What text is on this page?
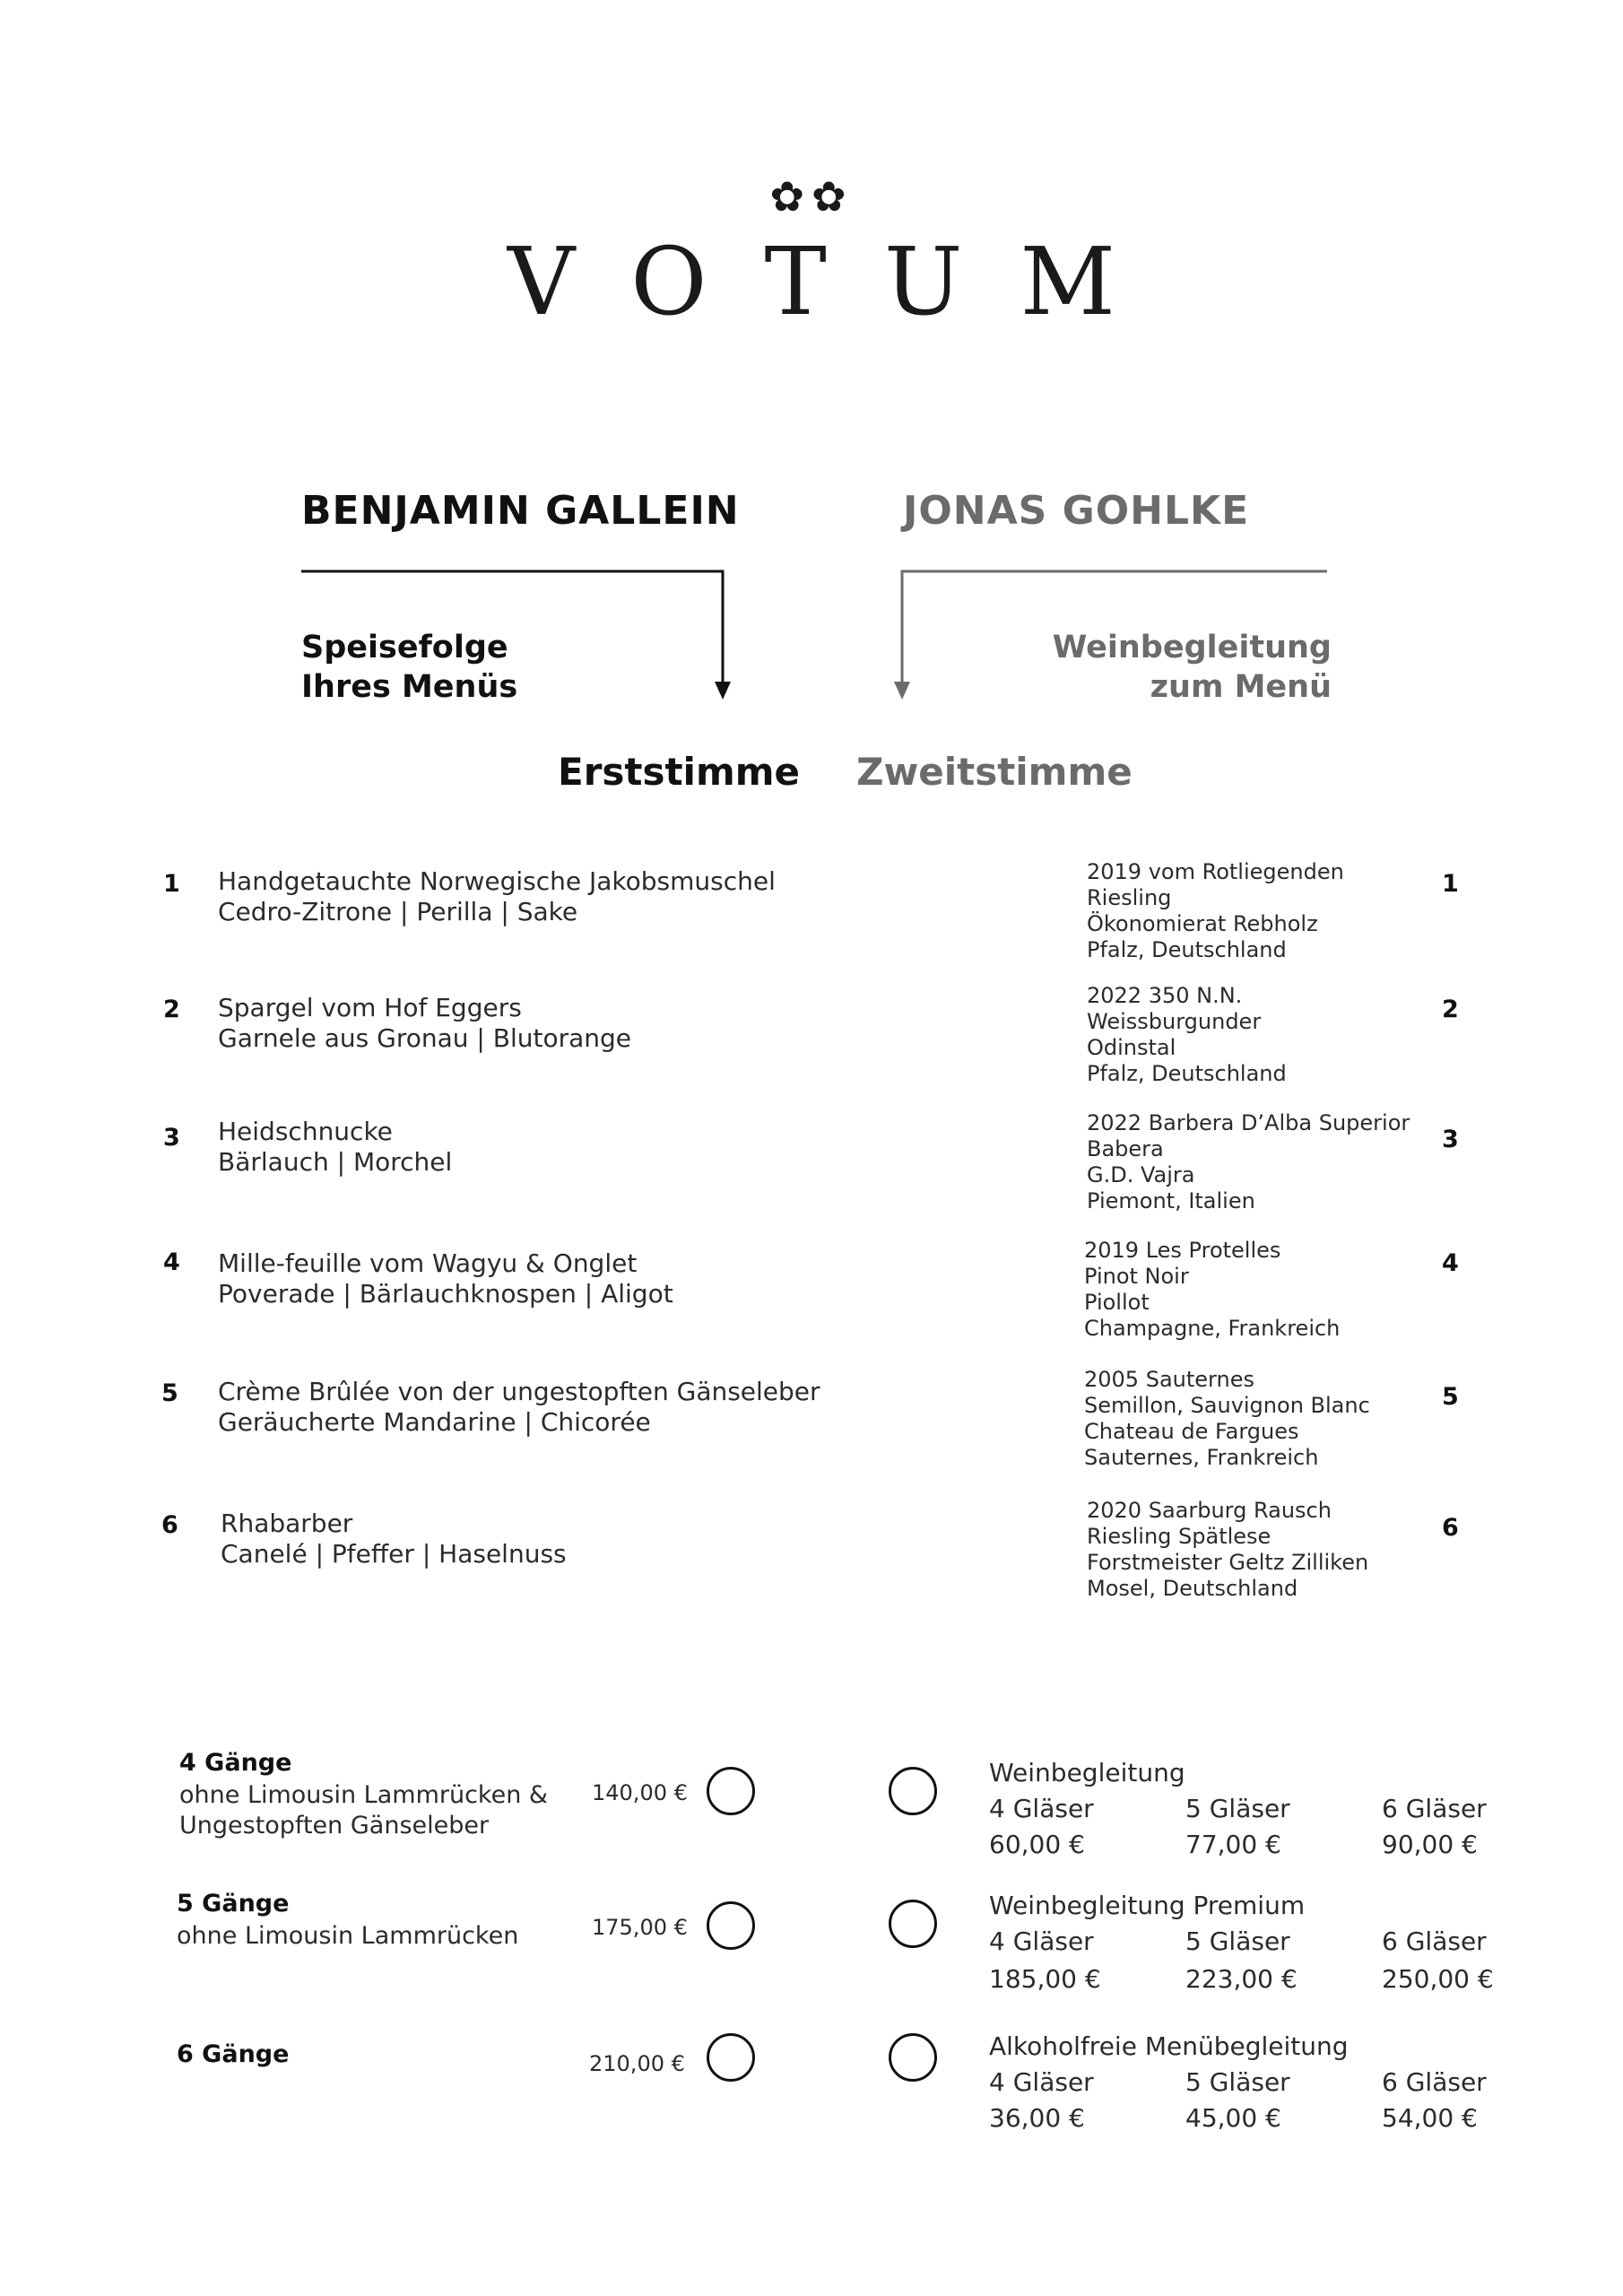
✿✿
VOTUM
BENJAMIN GALLEIN	JONAS GOHLKE
Speisefolge
Ihres Menüs
Weinbegleitung
zum Menü
Erststimme Zweitstimme
1 Handgetauchte Norwegische Jakobsmuschel
Cedro-Zitrone | Perilla | Sake
2019 vom Rotliegenden
Riesling
Ökonomierat Rebholz
Pfalz, Deutschland
1
2 Spargel vom Hof Eggers
Garnele aus Gronau | Blutorange
2022 350 N.N.
Weissburgunder
Odinstal
Pfalz, Deutschland
2
3 Heidschnucke
Bärlauch | Morchel
2022 Barbera D’Alba Superior
Babera
G.D. Vajra
Piemont, Italien
3
4 Mille-feuille vom Wagyu & Onglet
Poverade | Bärlauchknospen | Aligot
2019 Les Protelles
Pinot Noir
Piollot
Champagne, Frankreich
4
5 Crème Brûlée von der ungestopften Gänseleber
Geräucherte Mandarine | Chicorée
2005 Sauternes
Semillon, Sauvignon Blanc
Chateau de Fargues
Sauternes, Frankreich
5
6 Rhabarber
Canelé | Pfeffer | Haselnuss
2020 Saarburg Rausch
Riesling Spätlese
Forstmeister Geltz Zilliken
Mosel, Deutschland
6
4 Gänge
ohne Limousin Lammrücken &
Ungestopften Gänseleber
140,00 €
5 Gänge
ohne Limousin Lammrücken	175,00 €
6 Gänge	210,00 €
Weinbegleitung
4 Gläser	5 Gläser	6 Gläser
60,00 €	77,00 €	90,00 €
Weinbegleitung Premium
4 Gläser	5 Gläser	6 Gläser
185,00 €	223,00 €	250,00 €
Alkoholfreie Menübegleitung
4 Gläser	5 Gläser	6 Gläser
36,00 €	45,00 €	54,00 €
